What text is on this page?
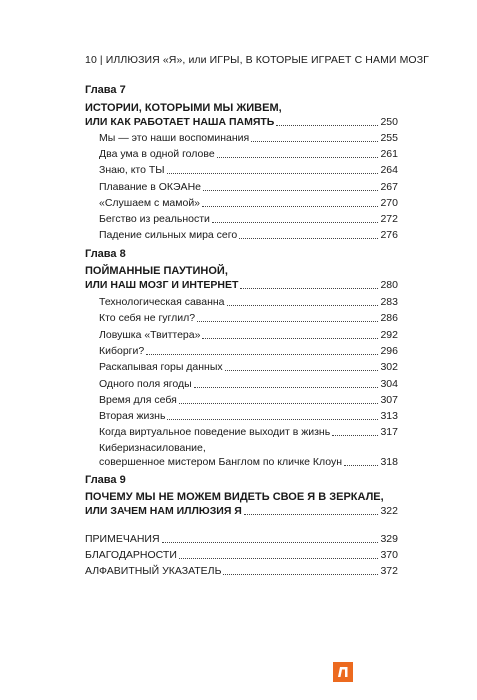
10 | ИЛЛЮЗИЯ «Я», или ИГРЫ, В КОТОРЫЕ ИГРАЕТ С НАМИ МОЗГ
Глава 7
ИСТОРИИ, КОТОРЫМИ МЫ ЖИВЕМ,
ИЛИ КАК РАБОТАЕТ НАША ПАМЯТЬ	250
Мы — это наши воспоминания	255
Два ума в одной голове	261
Знаю, кто ТЫ	264
Плавание в ОКЭАНе	267
«Слушаем с мамой»	270
Бегство из реальности	272
Падение сильных мира сего	276
Глава 8
ПОЙМАННЫЕ ПАУТИНОЙ,
ИЛИ НАШ МОЗГ И ИНТЕРНЕТ	280
Технологическая саванна	283
Кто себя не гуглил?	286
Ловушка «Твиттера»	292
Киборги?	296
Раскапывая горы данных	302
Одного поля ягоды	304
Время для себя	307
Вторая жизнь	313
Когда виртуальное поведение выходит в жизнь	317
Киберизнасилование,
совершенное мистером Банглом по кличке Клоун	318
Глава 9
ПОЧЕМУ МЫ НЕ МОЖЕМ ВИДЕТЬ СВОЕ Я В ЗЕРКАЛЕ,
ИЛИ ЗАЧЕМ НАМ ИЛЛЮЗИЯ Я	322
ПРИМЕЧАНИЯ	329
БЛАГОДАРНОСТИ	370
АЛФАВИТНЫЙ УКАЗАТЕЛЬ	372
